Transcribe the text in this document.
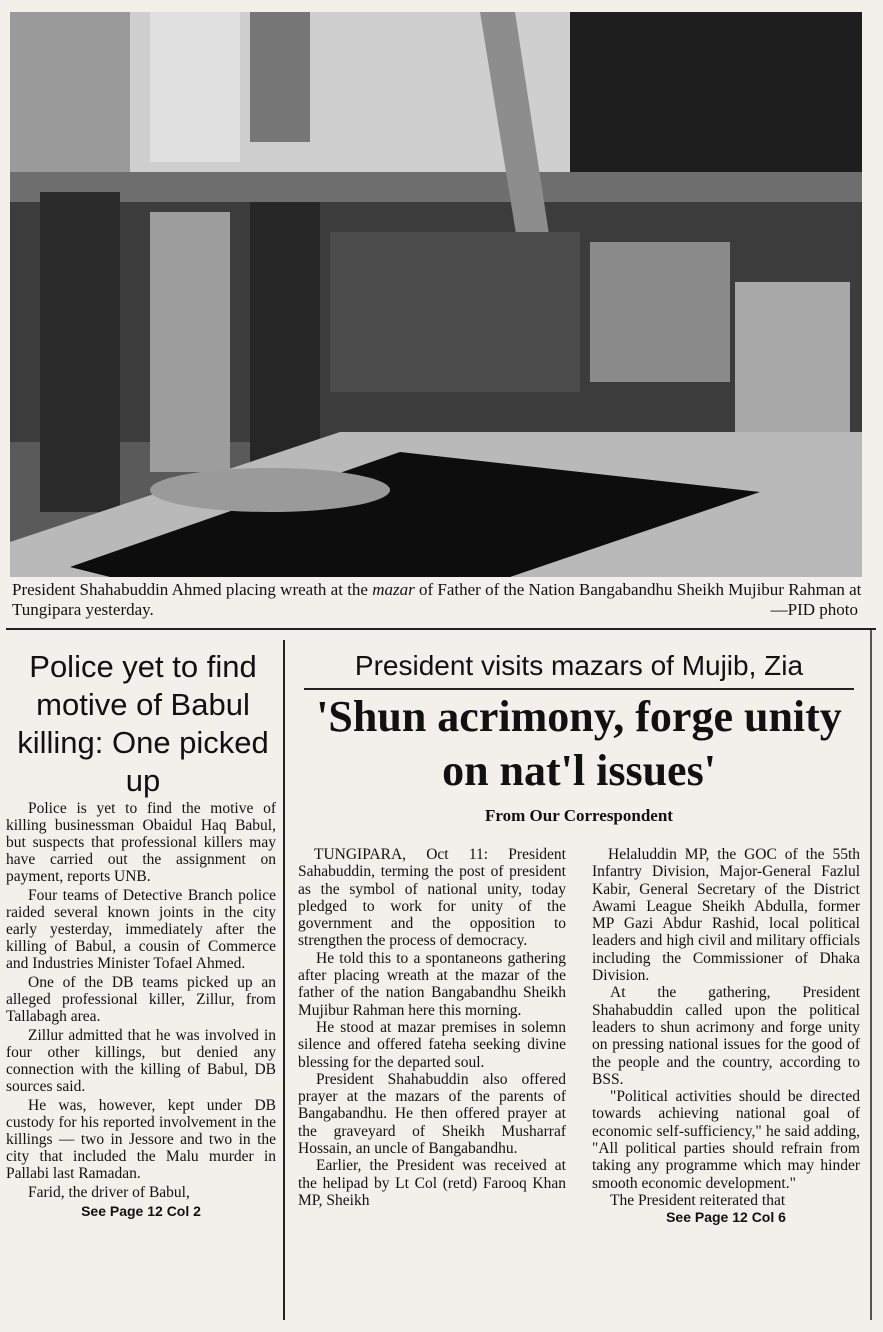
President Shahabuddin Ahmed placing wreath at the mazar of Father of the Nation Bangabandhu Sheikh Mujibur Rahman at Tungipara yesterday.	—PID photo
Police yet to find motive of Babul killing: One picked up

Police is yet to find the motive of killing businessman Obaidul Haq Babul, but suspects that professional killers may have carried out the assignment on payment, reports UNB.

Four teams of Detective Branch police raided several known joints in the city early yesterday, immediately after the killing of Babul, a cousin of Commerce and Industries Minister Tofael Ahmed.

One of the DB teams picked up an alleged professional killer, Zillur, from Tallabagh area.

Zillur admitted that he was involved in four other killings, but denied any connection with the killing of Babul, DB sources said.

He was, however, kept under DB custody for his reported involvement in the killings — two in Jessore and two in the city that included the Malu murder in Pallabi last Ramadan.

Farid, the driver of Babul,

See Page 12 Col 2
President visits mazars of Mujib, Zia
'Shun acrimony, forge unity on nat'l issues'
From Our Correspondent

TUNGIPARA, Oct 11: President Sahabuddin, terming the post of president as the symbol of national unity, today pledged to work for unity of the government and the opposition to strengthen the process of democracy.

He told this to a spontaneons gathering after placing wreath at the mazar of the father of the nation Bangabandhu Sheikh Mujibur Rahman here this morning.

He stood at mazar premises in solemn silence and offered fateha seeking divine blessing for the departed soul.

President Shahabuddin also offered prayer at the mazars of the parents of Bangabandhu. He then offered prayer at the graveyard of Sheikh Musharraf Hossain, an uncle of Bangabandhu.

Earlier, the President was received at the helipad by Lt Col (retd) Farooq Khan MP, Sheikh

Helaluddin MP, the GOC of the 55th Infantry Division, Major-General Fazlul Kabir, General Secretary of the District Awami League Sheikh Abdulla, former MP Gazi Abdur Rashid, local political leaders and high civil and military officials including the Commissioner of Dhaka Division.

At the gathering, President Shahabuddin called upon the political leaders to shun acrimony and forge unity on pressing national issues for the good of the people and the country, according to BSS.

"Political activities should be directed towards achieving national goal of economic self-sufficiency," he said adding, "All political parties should refrain from taking any programme which may hinder smooth economic development."

The President reiterated that

See Page 12 Col 6
